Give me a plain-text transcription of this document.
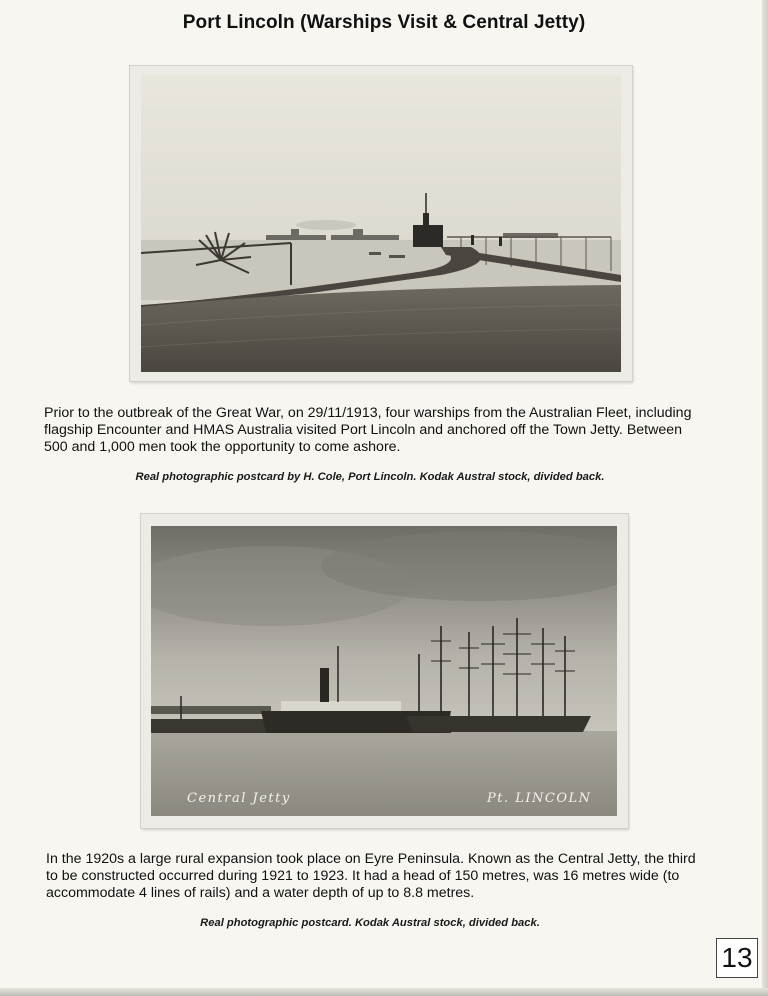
Port Lincoln (Warships Visit & Central Jetty)

Prior to the outbreak of the Great War, on 29/11/1913, four warships from the Australian Fleet, including flagship Encounter and HMAS Australia visited Port Lincoln and anchored off the Town Jetty. Between 500 and 1,000 men took the opportunity to come ashore.

Real photographic postcard by H. Cole, Port Lincoln. Kodak Austral stock, divided back.

Central Jetty	Pt. LINCOLN

In the 1920s a large rural expansion took place on Eyre Peninsula. Known as the Central Jetty, the third to be constructed occurred during 1921 to 1923. It had a head of 150 metres, was 16 metres wide (to accommodate 4 lines of rails) and a water depth of up to 8.8 metres.

Real photographic postcard. Kodak Austral stock, divided back.

13
